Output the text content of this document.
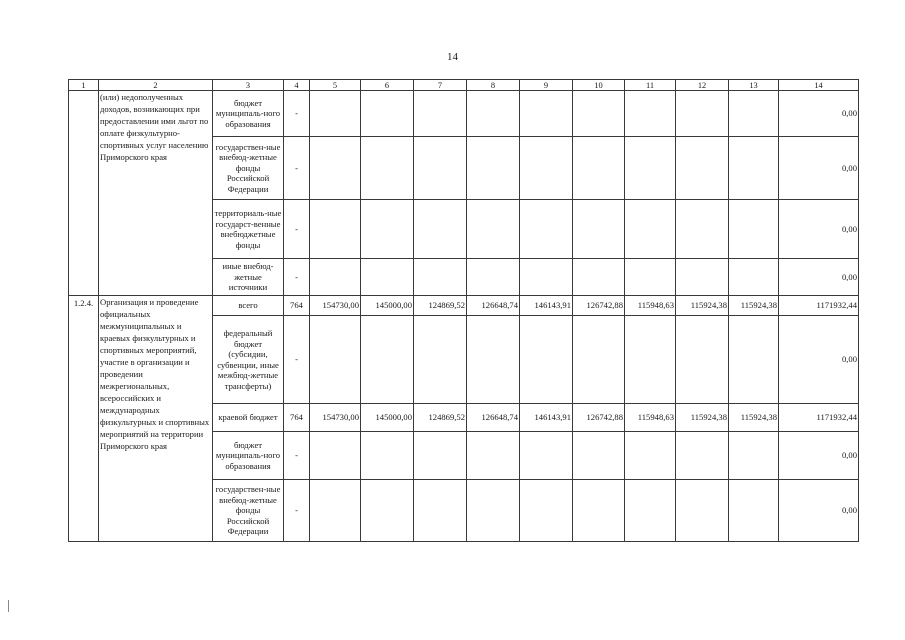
14
1	2	3	4	5	6	7	8	9	10	11	12	13	14
	(или) недополученных доходов, возникающих при предоставлении ими льгот по оплате физкультурно-спортивных услуг населению Приморского края	бюджет муниципаль-ного образования	-										0,00
		государствен-ные внебюд-жетные фонды Российской Федерации	-										0,00
		территориаль-ные государст-венные внебюджетные фонды	-										0,00
		иные внебюд-жетные источники	-										0,00
1.2.4.	Организация и проведение официальных межмуниципальных и краевых физкультурных и спортивных мероприятий, участие в организации и проведении межрегиональных, всероссийских и международных физкультурных и спортивных мероприятий на территории Приморского края	всего	764	154730,00	145000,00	124869,52	126648,74	146143,91	126742,88	115948,63	115924,38	115924,38	1171932,44
		федеральный бюджет (субсидии, субвенции, иные межбюд-жетные трансферты)	-										0,00
		краевой бюджет	764	154730,00	145000,00	124869,52	126648,74	146143,91	126742,88	115948,63	115924,38	115924,38	1171932,44
		бюджет муниципаль-ного образования	-										0,00
		государствен-ные внебюд-жетные фонды Российской Федерации	-										0,00
